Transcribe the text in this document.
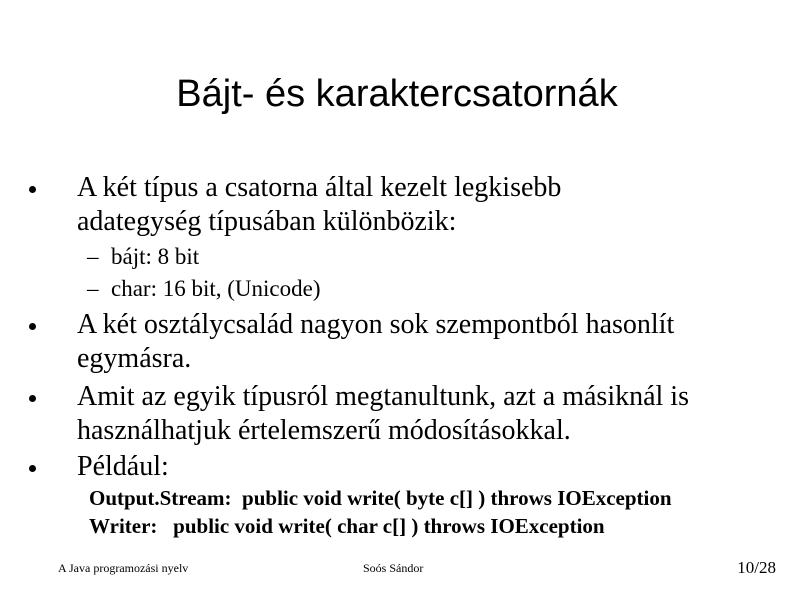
Bájt- és karaktercsatornák
A két típus a csatorna által kezelt legkisebb
adategység típusában különbözik:
– bájt: 8 bit
– char: 16 bit, (Unicode)
A két osztálycsalád nagyon sok szempontból hasonlít
egymásra.
Amit az egyik típusról megtanultunk, azt a másiknál is
használhatjuk értelemszerű módosításokkal.
Például:
Output.Stream:  public void write( byte c[] ) throws IOException
Writer:   public void write( char c[] ) throws IOException
A Java programozási nyelv	Soós Sándor	10/28
